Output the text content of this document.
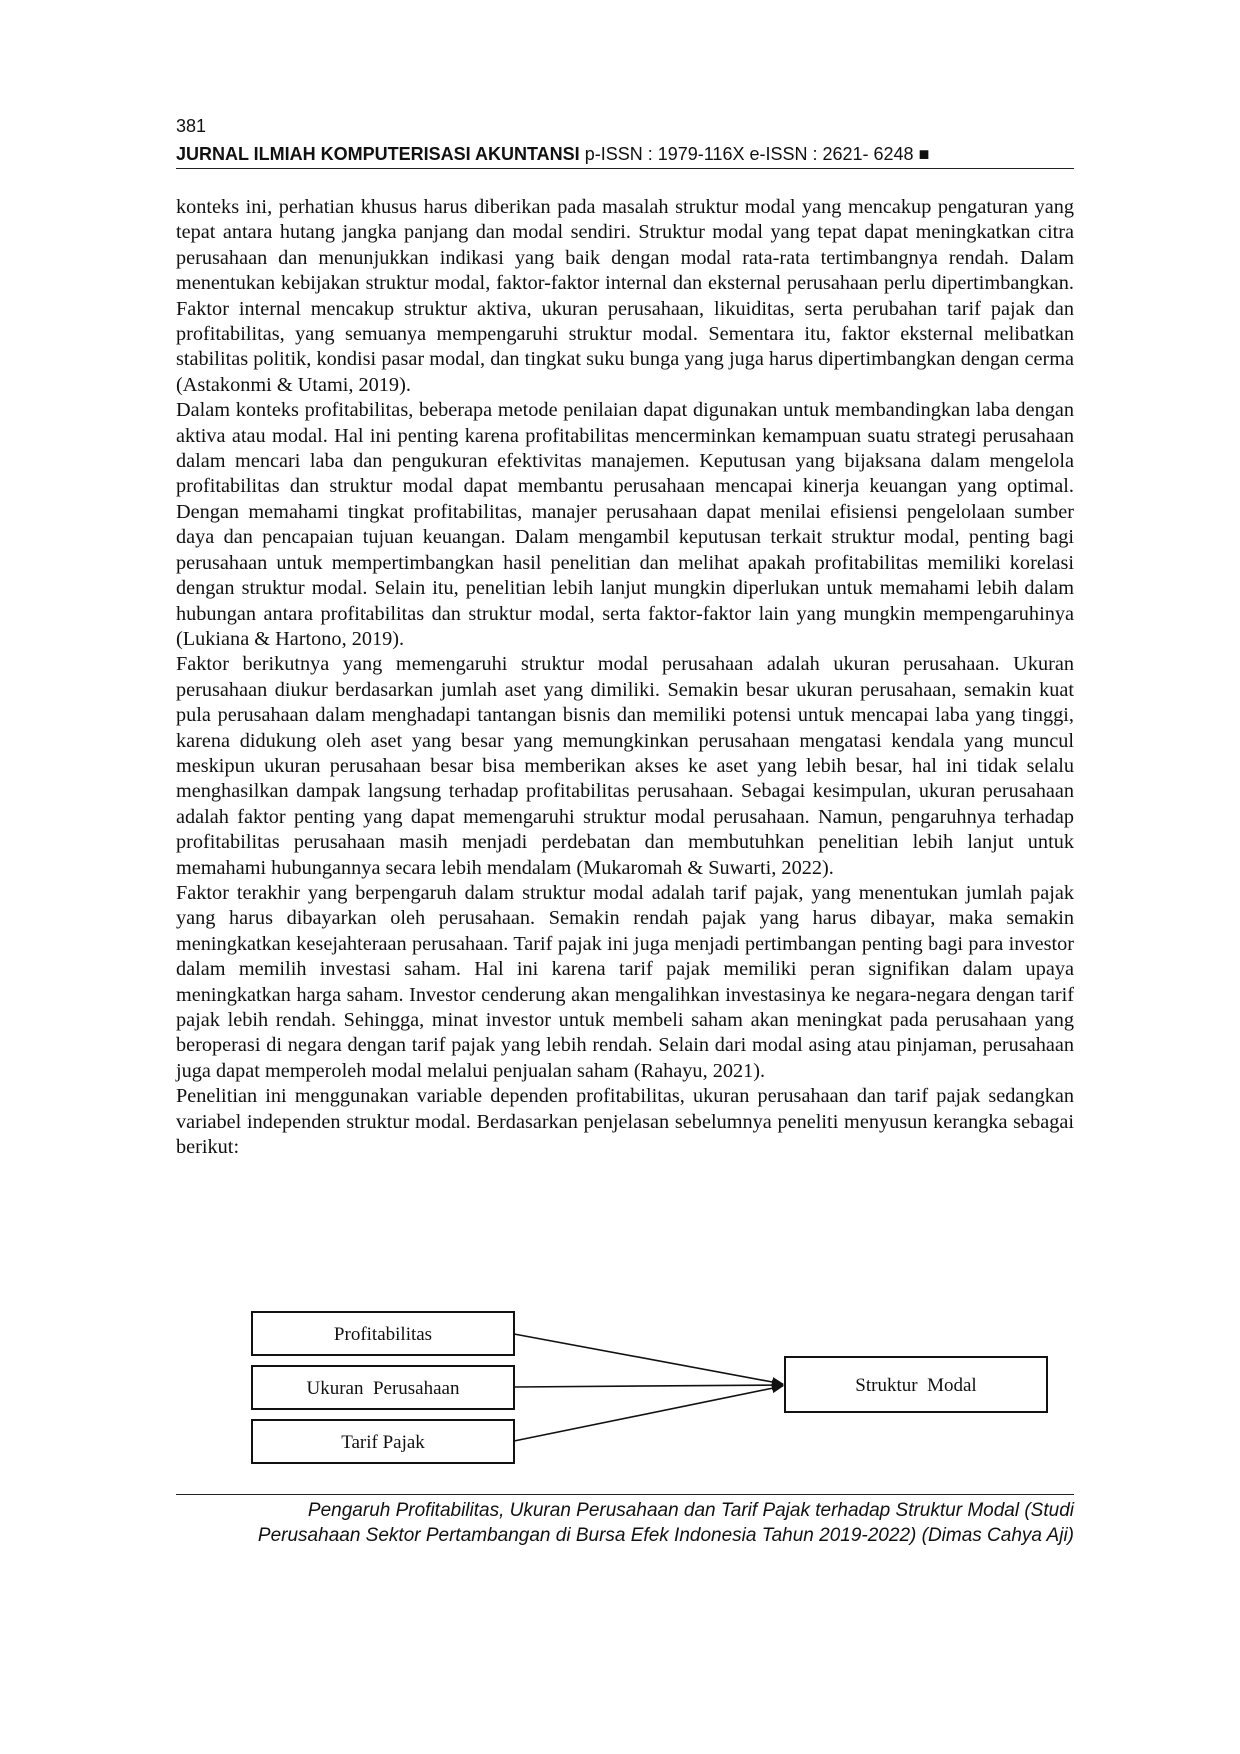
381
JURNAL ILMIAH KOMPUTERISASI AKUNTANSI p-ISSN : 1979-116X e-ISSN : 2621- 6248 ■

konteks ini, perhatian khusus harus diberikan pada masalah struktur modal yang mencakup pengaturan yang tepat antara hutang jangka panjang dan modal sendiri. Struktur modal yang tepat dapat meningkatkan citra perusahaan dan menunjukkan indikasi yang baik dengan modal rata-rata tertimbangnya rendah. Dalam menentukan kebijakan struktur modal, faktor-faktor internal dan eksternal perusahaan perlu dipertimbangkan. Faktor internal mencakup struktur aktiva, ukuran perusahaan, likuiditas, serta perubahan tarif pajak dan profitabilitas, yang semuanya mempengaruhi struktur modal. Sementara itu, faktor eksternal melibatkan stabilitas politik, kondisi pasar modal, dan tingkat suku bunga yang juga harus dipertimbangkan dengan cerma (Astakonmi & Utami, 2019).

Dalam konteks profitabilitas, beberapa metode penilaian dapat digunakan untuk membandingkan laba dengan aktiva atau modal. Hal ini penting karena profitabilitas mencerminkan kemampuan suatu strategi perusahaan dalam mencari laba dan pengukuran efektivitas manajemen. Keputusan yang bijaksana dalam mengelola profitabilitas dan struktur modal dapat membantu perusahaan mencapai kinerja keuangan yang optimal. Dengan memahami tingkat profitabilitas, manajer perusahaan dapat menilai efisiensi pengelolaan sumber daya dan pencapaian tujuan keuangan. Dalam mengambil keputusan terkait struktur modal, penting bagi perusahaan untuk mempertimbangkan hasil penelitian dan melihat apakah profitabilitas memiliki korelasi dengan struktur modal. Selain itu, penelitian lebih lanjut mungkin diperlukan untuk memahami lebih dalam hubungan antara profitabilitas dan struktur modal, serta faktor-faktor lain yang mungkin mempengaruhinya (Lukiana & Hartono, 2019).

Faktor berikutnya yang memengaruhi struktur modal perusahaan adalah ukuran perusahaan. Ukuran perusahaan diukur berdasarkan jumlah aset yang dimiliki. Semakin besar ukuran perusahaan, semakin kuat pula perusahaan dalam menghadapi tantangan bisnis dan memiliki potensi untuk mencapai laba yang tinggi, karena didukung oleh aset yang besar yang memungkinkan perusahaan mengatasi kendala yang muncul meskipun ukuran perusahaan besar bisa memberikan akses ke aset yang lebih besar, hal ini tidak selalu menghasilkan dampak langsung terhadap profitabilitas perusahaan. Sebagai kesimpulan, ukuran perusahaan adalah faktor penting yang dapat memengaruhi struktur modal perusahaan. Namun, pengaruhnya terhadap profitabilitas perusahaan masih menjadi perdebatan dan membutuhkan penelitian lebih lanjut untuk memahami hubungannya secara lebih mendalam (Mukaromah & Suwarti, 2022).

Faktor terakhir yang berpengaruh dalam struktur modal adalah tarif pajak, yang menentukan jumlah pajak yang harus dibayarkan oleh perusahaan. Semakin rendah pajak yang harus dibayar, maka semakin meningkatkan kesejahteraan perusahaan. Tarif pajak ini juga menjadi pertimbangan penting bagi para investor dalam memilih investasi saham. Hal ini karena tarif pajak memiliki peran signifikan dalam upaya meningkatkan harga saham. Investor cenderung akan mengalihkan investasinya ke negara-negara dengan tarif pajak lebih rendah. Sehingga, minat investor untuk membeli saham akan meningkat pada perusahaan yang beroperasi di negara dengan tarif pajak yang lebih rendah. Selain dari modal asing atau pinjaman, perusahaan juga dapat memperoleh modal melalui penjualan saham (Rahayu, 2021).

Penelitian ini menggunakan variable dependen profitabilitas, ukuran perusahaan dan tarif pajak sedangkan variabel independen struktur modal. Berdasarkan penjelasan sebelumnya peneliti menyusun kerangka sebagai berikut:

Profitabilitas
Ukuran  Perusahaan
Tarif Pajak
Struktur  Modal
Pengaruh Profitabilitas, Ukuran Perusahaan dan Tarif Pajak terhadap Struktur Modal (Studi
Perusahaan Sektor Pertambangan di Bursa Efek Indonesia Tahun 2019-2022) (Dimas Cahya Aji)
